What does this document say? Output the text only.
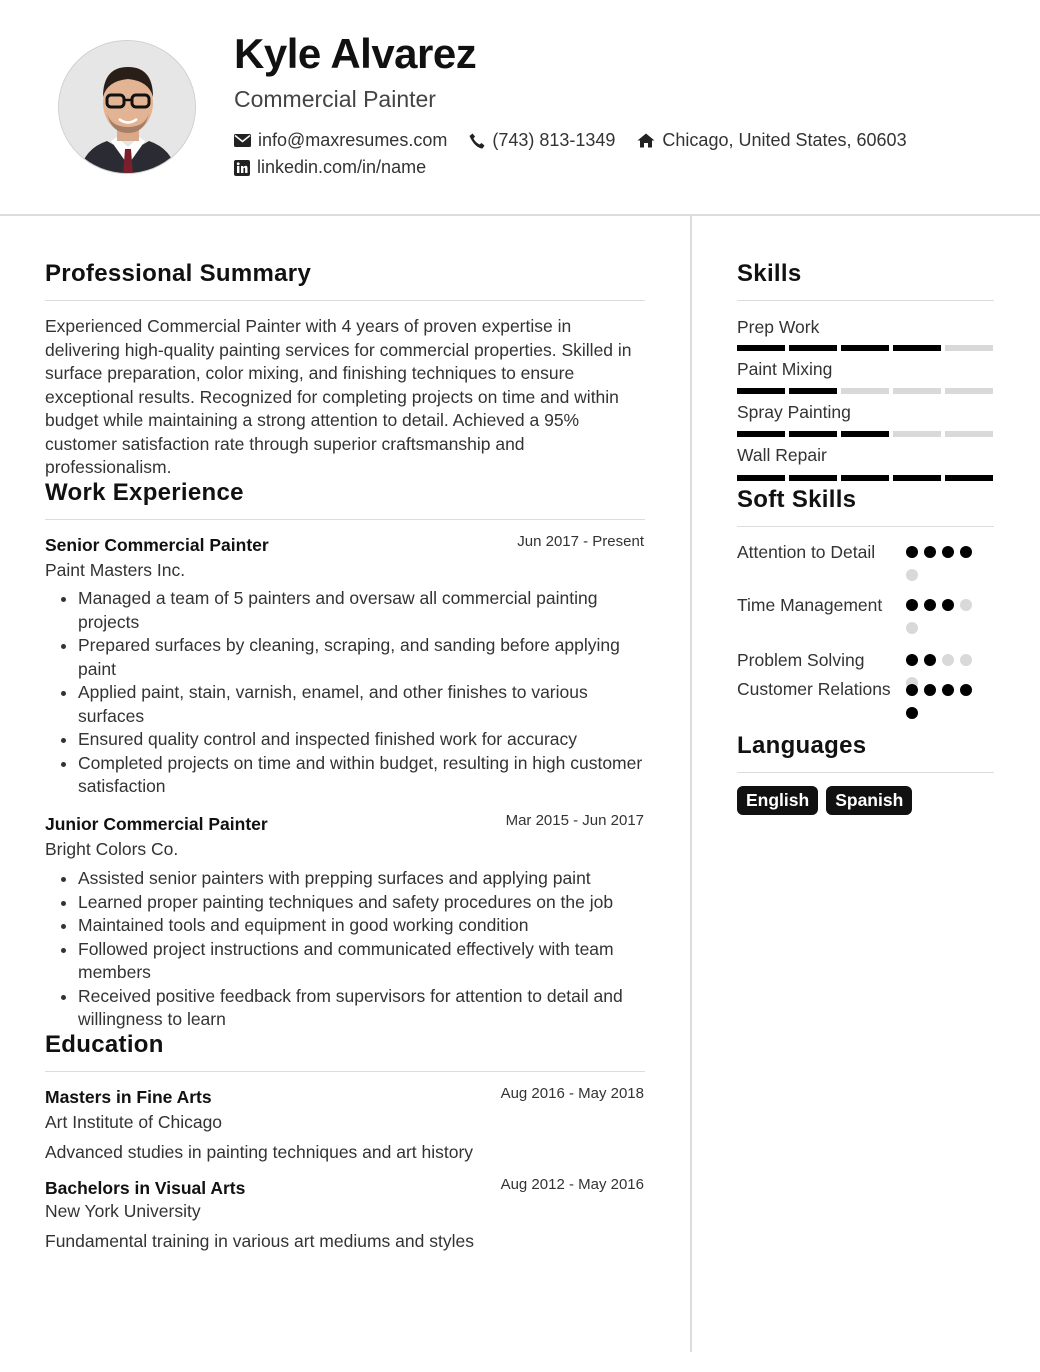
Kyle Alvarez
Commercial Painter
info@maxresumes.com	(743) 813-1349	Chicago, United States, 60603
linkedin.com/in/name
Professional Summary
Experienced Commercial Painter with 4 years of proven expertise in delivering high-quality painting services for commercial properties. Skilled in surface preparation, color mixing, and finishing techniques to ensure exceptional results. Recognized for completing projects on time and within budget while maintaining a strong attention to detail. Achieved a 95% customer satisfaction rate through superior craftsmanship and professionalism.
Work Experience
Senior Commercial Painter	Jun 2017 - Present
Paint Masters Inc.
Managed a team of 5 painters and oversaw all commercial painting projects
Prepared surfaces by cleaning, scraping, and sanding before applying paint
Applied paint, stain, varnish, enamel, and other finishes to various surfaces
Ensured quality control and inspected finished work for accuracy
Completed projects on time and within budget, resulting in high customer satisfaction
Junior Commercial Painter	Mar 2015 - Jun 2017
Bright Colors Co.
Assisted senior painters with prepping surfaces and applying paint
Learned proper painting techniques and safety procedures on the job
Maintained tools and equipment in good working condition
Followed project instructions and communicated effectively with team members
Received positive feedback from supervisors for attention to detail and willingness to learn
Education
Masters in Fine Arts	Aug 2016 - May 2018
Art Institute of Chicago
Advanced studies in painting techniques and art history
Bachelors in Visual Arts	Aug 2012 - May 2016
New York University
Fundamental training in various art mediums and styles
Skills
Prep Work
Paint Mixing
Spray Painting
Wall Repair
Soft Skills
Attention to Detail
Time Management
Problem Solving
Customer Relations
Languages
English	Spanish
